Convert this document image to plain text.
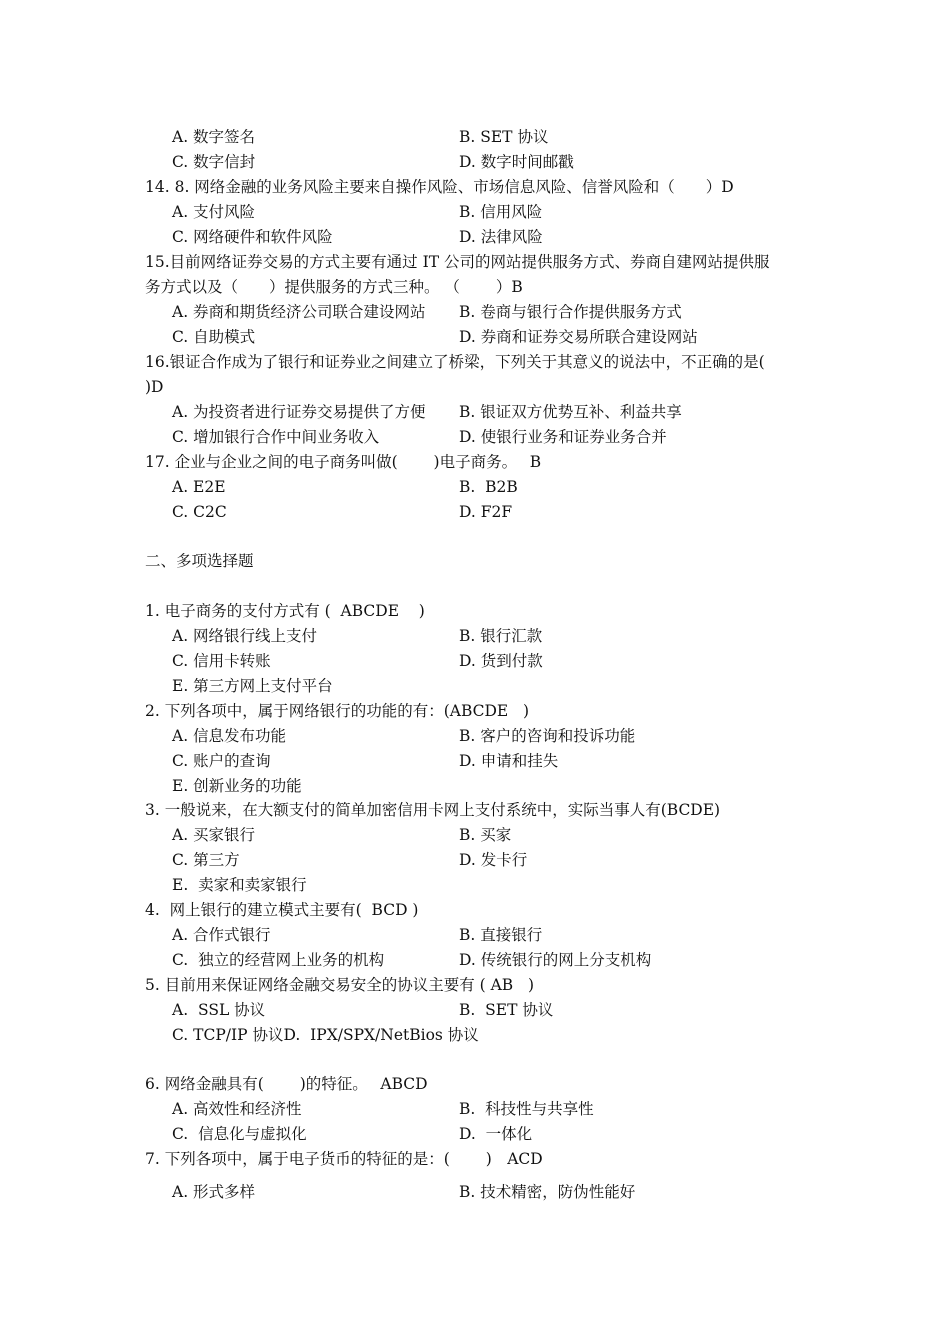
A. 数字签名	B. SET 协议
C. 数字信封	D. 数字时间邮戳
14. 8. 网络金融的业务风险主要来自操作风险、市场信息风险、信誉风险和（　　）D
A. 支付风险	B. 信用风险
C. 网络硬件和软件风险	D. 法律风险
15.目前网络证券交易的方式主要有通过 IT 公司的网站提供服务方式、券商自建网站提供服
务方式以及（　　）提供服务的方式三种。 （　　 ）B
A. 券商和期货经济公司联合建设网站 B. 卷商与银行合作提供服务方式
C. 自助模式	D. 券商和证券交易所联合建设网站
16.银证合作成为了银行和证券业之间建立了桥梁，下列关于其意义的说法中，不正确的是(
)D
A. 为投资者进行证券交易提供了方便 B. 银证双方优势互补、利益共享
C. 增加银行合作中间业务收入	D. 使银行业务和证券业务合并
17. 企业与企业之间的电子商务叫做(　　 )电子商务。　 B
A. E2E	B.  B2B
C. C2C	D. F2F
二、多项选择题
1. 电子商务的支付方式有 (  ABCDE    )
A. 网络银行线上支付	B. 银行汇款
C. 信用卡转账	D. 货到付款
E. 第三方网上支付平台
2. 下列各项中，属于网络银行的功能的有：(ABCDE   )
A. 信息发布功能	B. 客户的咨询和投诉功能
C. 账户的查询	D. 申请和挂失
E. 创新业务的功能
3. 一般说来，在大额支付的简单加密信用卡网上支付系统中，实际当事人有(BCDE)
A. 买家银行	B. 买家
C. 第三方	D. 发卡行
E.  卖家和卖家银行
4.  网上银行的建立模式主要有(  BCD )
A. 合作式银行	B. 直接银行
C.  独立的经营网上业务的机构	D. 传统银行的网上分支机构
5. 目前用来保证网络金融交易安全的协议主要有 ( AB   )
A.  SSL 协议	B.  SET 协议
C. TCP/IP 协议D.  IPX/SPX/NetBios 协议
6. 网络金融具有(　　 )的特征。　 ABCD
A. 高效性和经济性	B.  科技性与共享性
C.  信息化与虚拟化	D.  一体化
7. 下列各项中，属于电子货币的特征的是：(　　 )　ACD
A. 形式多样	B. 技术精密，防伪性能好
